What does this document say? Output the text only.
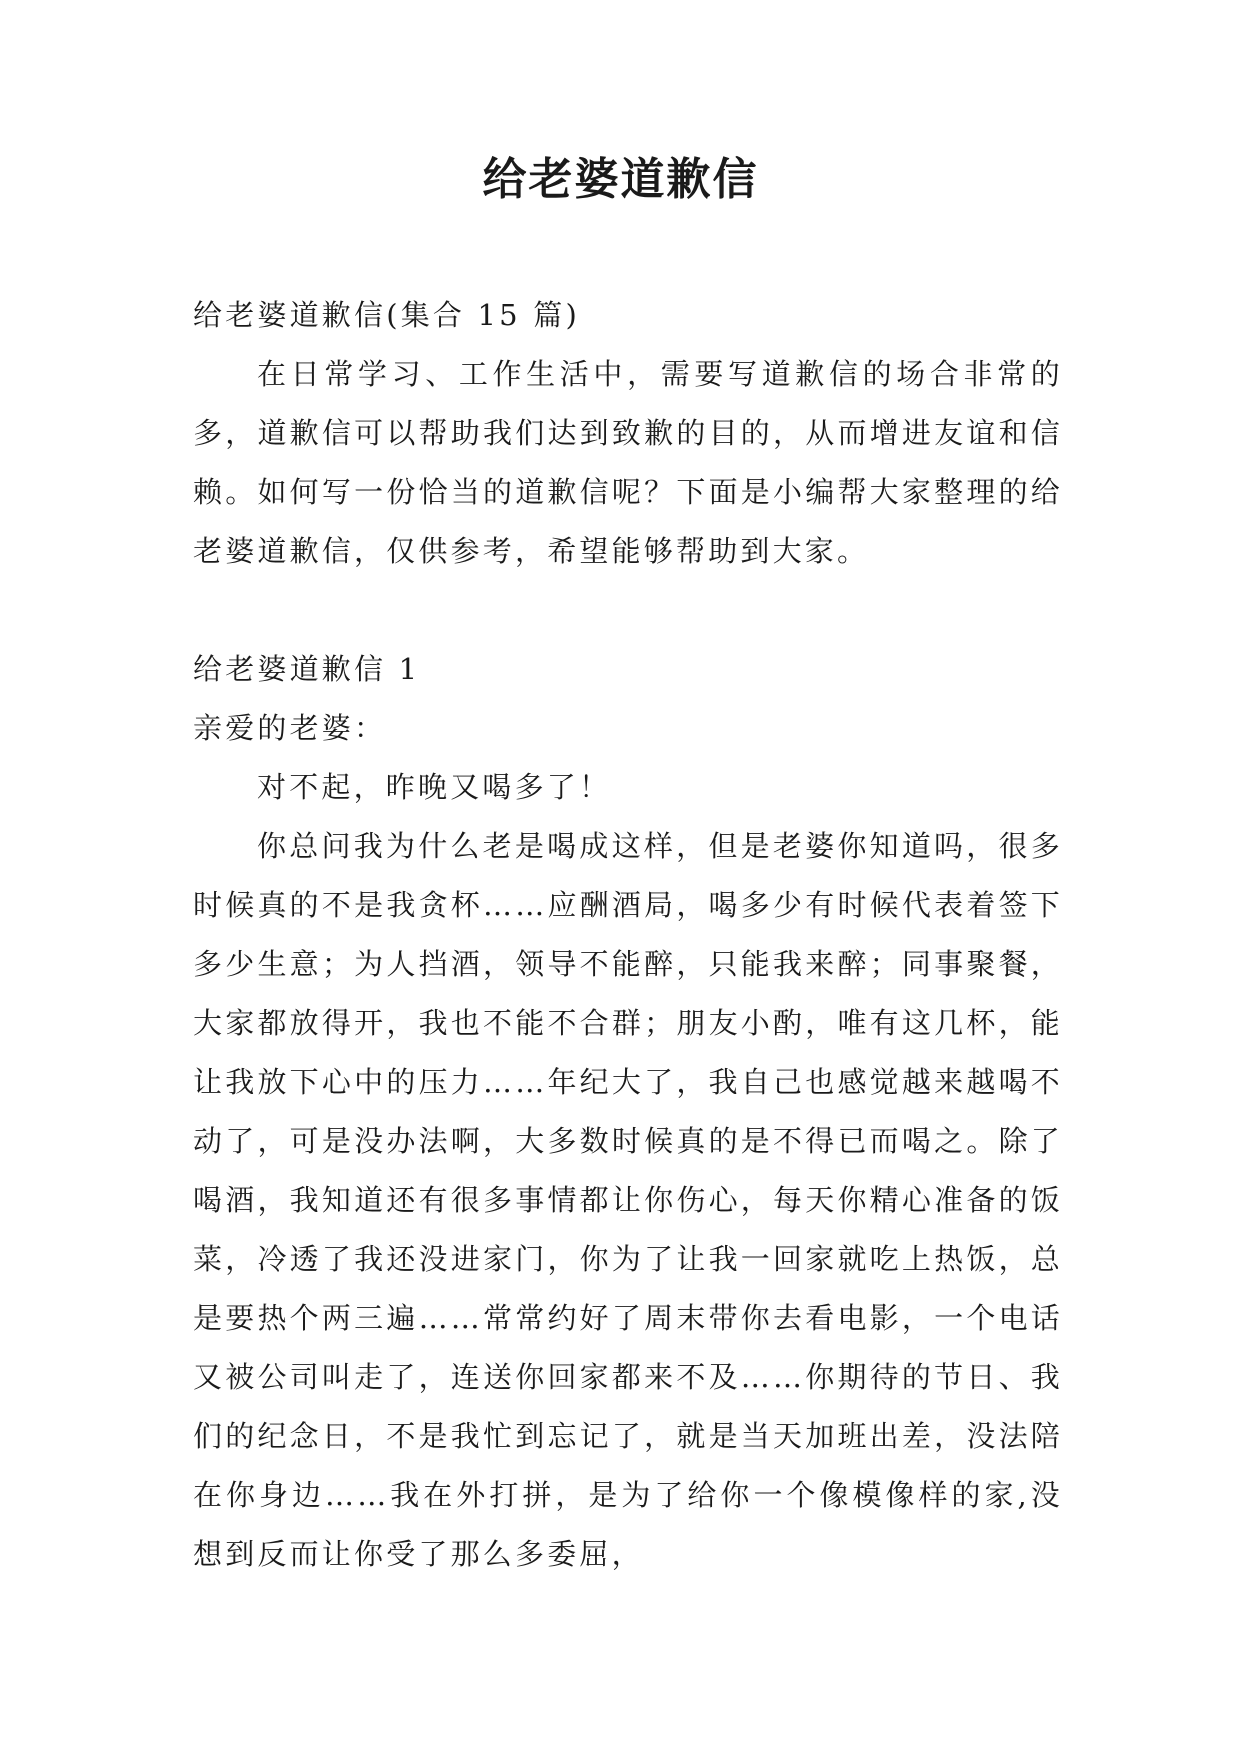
给老婆道歉信

给老婆道歉信(集合 15 篇)

在日常学习、工作生活中，需要写道歉信的场合非常的多，道歉信可以帮助我们达到致歉的目的，从而增进友谊和信赖。如何写一份恰当的道歉信呢？下面是小编帮大家整理的给老婆道歉信，仅供参考，希望能够帮助到大家。

给老婆道歉信 1

亲爱的老婆：

对不起，昨晚又喝多了！

你总问我为什么老是喝成这样，但是老婆你知道吗，很多时候真的不是我贪杯……应酬酒局，喝多少有时候代表着签下多少生意；为人挡酒，领导不能醉，只能我来醉；同事聚餐，大家都放得开，我也不能不合群；朋友小酌，唯有这几杯，能让我放下心中的压力……年纪大了，我自己也感觉越来越喝不动了，可是没办法啊，大多数时候真的是不得已而喝之。除了喝酒，我知道还有很多事情都让你伤心，每天你精心准备的饭菜，冷透了我还没进家门，你为了让我一回家就吃上热饭，总是要热个两三遍……常常约好了周末带你去看电影，一个电话又被公司叫走了，连送你回家都来不及……你期待的节日、我们的纪念日，不是我忙到忘记了，就是当天加班出差，没法陪在你身边……我在外打拼，是为了给你一个像模像样的家,没想到反而让你受了那么多委屈，
